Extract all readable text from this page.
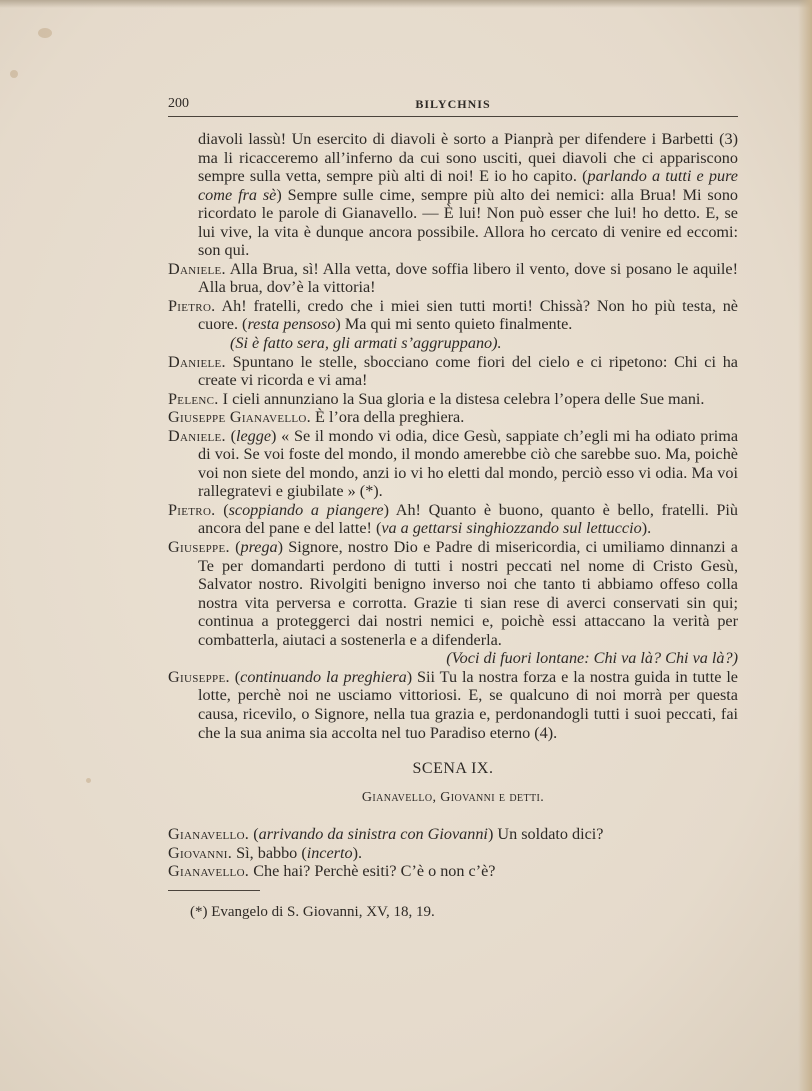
200	BILYCHNIS

diavoli lassù! Un esercito di diavoli è sorto a Pianprà per difendere i Barbetti (3) ma li ricacceremo all’inferno da cui sono usciti, quei diavoli che ci appariscono sempre sulla vetta, sempre più alti di noi! E io ho capito. (parlando a tutti e pure come fra sè) Sempre sulle cime, sempre più alto dei nemici: alla Brua! Mi sono ricordato le parole di Gianavello. — È lui! Non può esser che lui! ho detto. E, se lui vive, la vita è dunque ancora possibile. Allora ho cercato di venire ed eccomi: son qui.

Daniele. Alla Brua, sì! Alla vetta, dove soffia libero il vento, dove si posano le aquile! Alla brua, dov’è la vittoria!

Pietro. Ah! fratelli, credo che i miei sien tutti morti! Chissà? Non ho più testa, nè cuore. (resta pensoso) Ma qui mi sento quieto finalmente.

(Si è fatto sera, gli armati s’aggruppano).

Daniele. Spuntano le stelle, sbocciano come fiori del cielo e ci ripetono: Chi ci ha create vi ricorda e vi ama!

Pelenc. I cieli annunziano la Sua gloria e la distesa celebra l’opera delle Sue mani.

Giuseppe Gianavello. È l’ora della preghiera.

Daniele. (legge) « Se il mondo vi odia, dice Gesù, sappiate ch’egli mi ha odiato prima di voi. Se voi foste del mondo, il mondo amerebbe ciò che sarebbe suo. Ma, poichè voi non siete del mondo, anzi io vi ho eletti dal mondo, perciò esso vi odia. Ma voi rallegratevi e giubilate » (*).

Pietro. (scoppiando a piangere) Ah! Quanto è buono, quanto è bello, fratelli. Più ancora del pane e del latte! (va a gettarsi singhiozzando sul lettuccio).

Giuseppe. (prega) Signore, nostro Dio e Padre di misericordia, ci umiliamo dinnanzi a Te per domandarti perdono di tutti i nostri peccati nel nome di Cristo Gesù, Salvator nostro. Rivolgiti benigno inverso noi che tanto ti abbiamo offeso colla nostra vita perversa e corrotta. Grazie ti sian rese di averci conservati sin qui; continua a proteggerci dai nostri nemici e, poichè essi attaccano la verità per combatterla, aiutaci a sostenerla e a difenderla.

(Voci di fuori lontane: Chi va là? Chi va là?)

Giuseppe. (continuando la preghiera) Sii Tu la nostra forza e la nostra guida in tutte le lotte, perchè noi ne usciamo vittoriosi. E, se qualcuno di noi morrà per questa causa, ricevilo, o Signore, nella tua grazia e, perdonandogli tutti i suoi peccati, fai che la sua anima sia accolta nel tuo Paradiso eterno (4).

SCENA IX.

Gianavello, Giovanni e detti.

Gianavello. (arrivando da sinistra con Giovanni) Un soldato dici?

Giovanni. Sì, babbo (incerto).

Gianavello. Che hai? Perchè esiti? C’è o non c’è?

(*) Evangelo di S. Giovanni, XV, 18, 19.
